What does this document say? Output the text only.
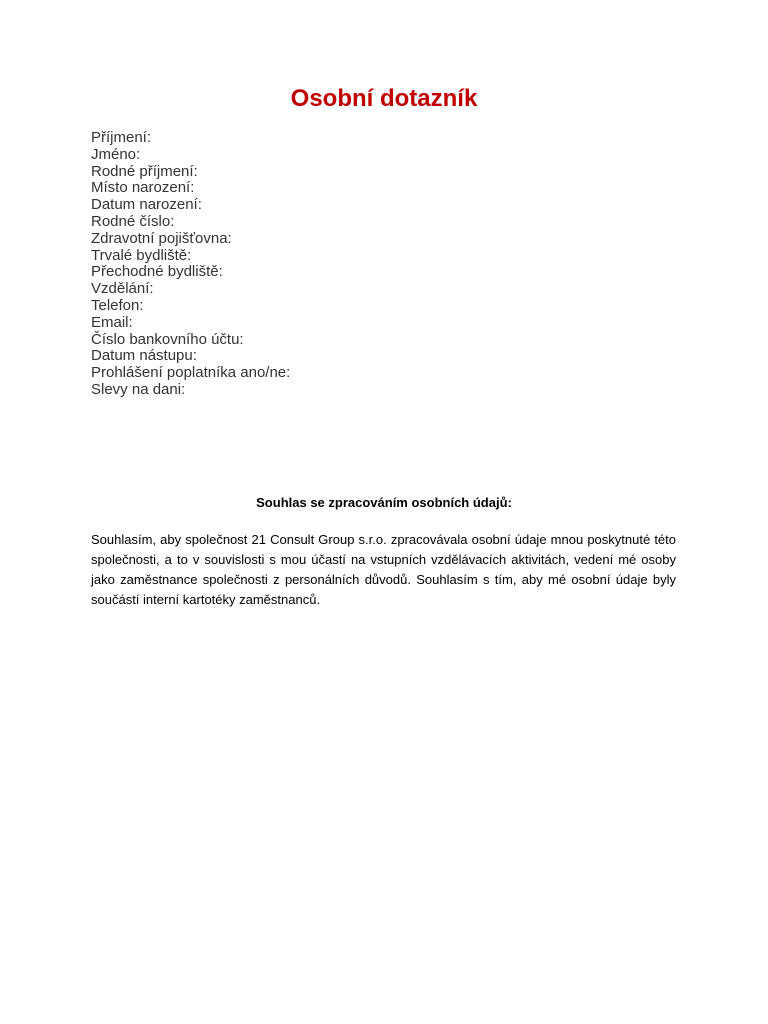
Osobní dotazník
Příjmení:
Jméno:
Rodné příjmení:
Místo narození:
Datum narození:
Rodné číslo:
Zdravotní pojišťovna:
Trvalé bydliště:
Přechodné bydliště:
Vzdělání:
Telefon:
Email:
Číslo bankovního účtu:
Datum nástupu:
Prohlášení poplatníka ano/ne:
Slevy na dani:
Souhlas se zpracováním osobních údajů:

Souhlasím, aby společnost 21 Consult Group s.r.o. zpracovávala osobní údaje mnou poskytnuté této společnosti, a to v souvislosti s mou účastí na vstupních vzdělávacích aktivitách, vedení mé osoby jako zaměstnance společnosti z personálních důvodů. Souhlasím s tím, aby mé osobní údaje byly součástí interní kartotéky zaměstnanců.
